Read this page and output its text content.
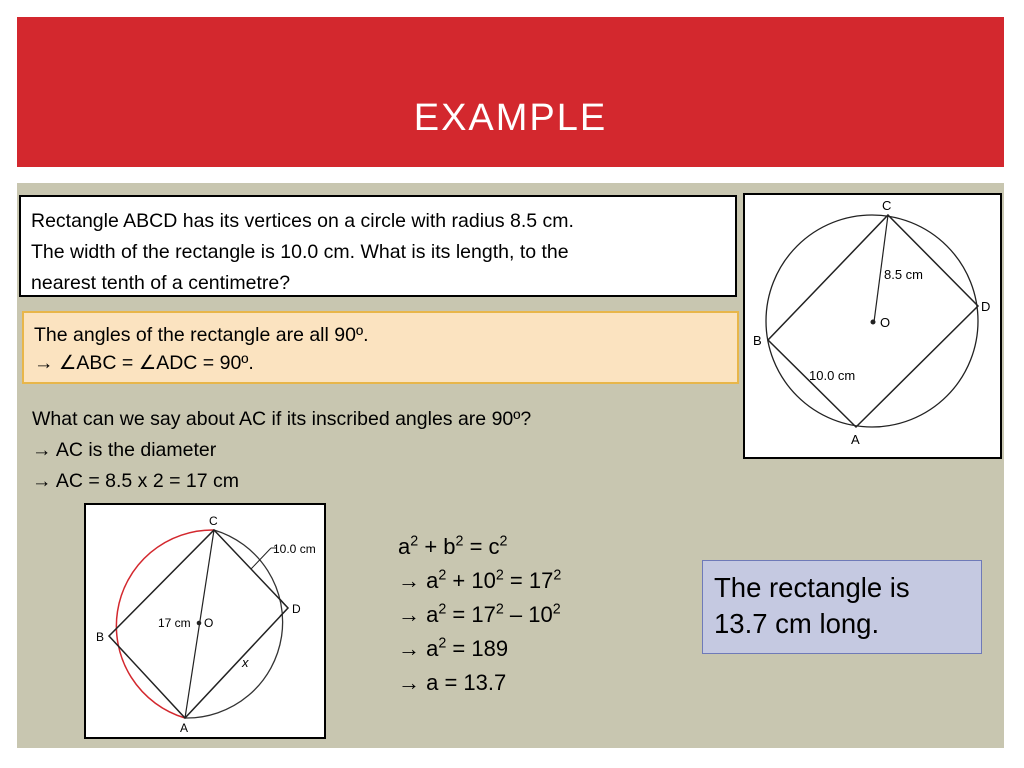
EXAMPLE
Rectangle ABCD has its vertices on a circle with radius 8.5 cm.
The width of the rectangle is 10.0 cm. What is its length, to the
nearest tenth of a centimetre?
The angles of the rectangle are all 90º.
→ ∠ABC = ∠ADC = 90º.
What can we say about AC if its inscribed angles are 90º?
→ AC is the diameter
→ AC = 8.5 x 2 = 17 cm
C
D
B
A
O
8.5 cm
10.0 cm
C
D
B
A
O
17 cm
10.0 cm
x
$a^2 + b^2 = c^2$
→ $a^2 + 10^2 = 17^2$
→ $a^2 = 17^2 - 10^2$
→ $a^2 = 189$
→ a = 13.7
The rectangle is
13.7 cm long.
